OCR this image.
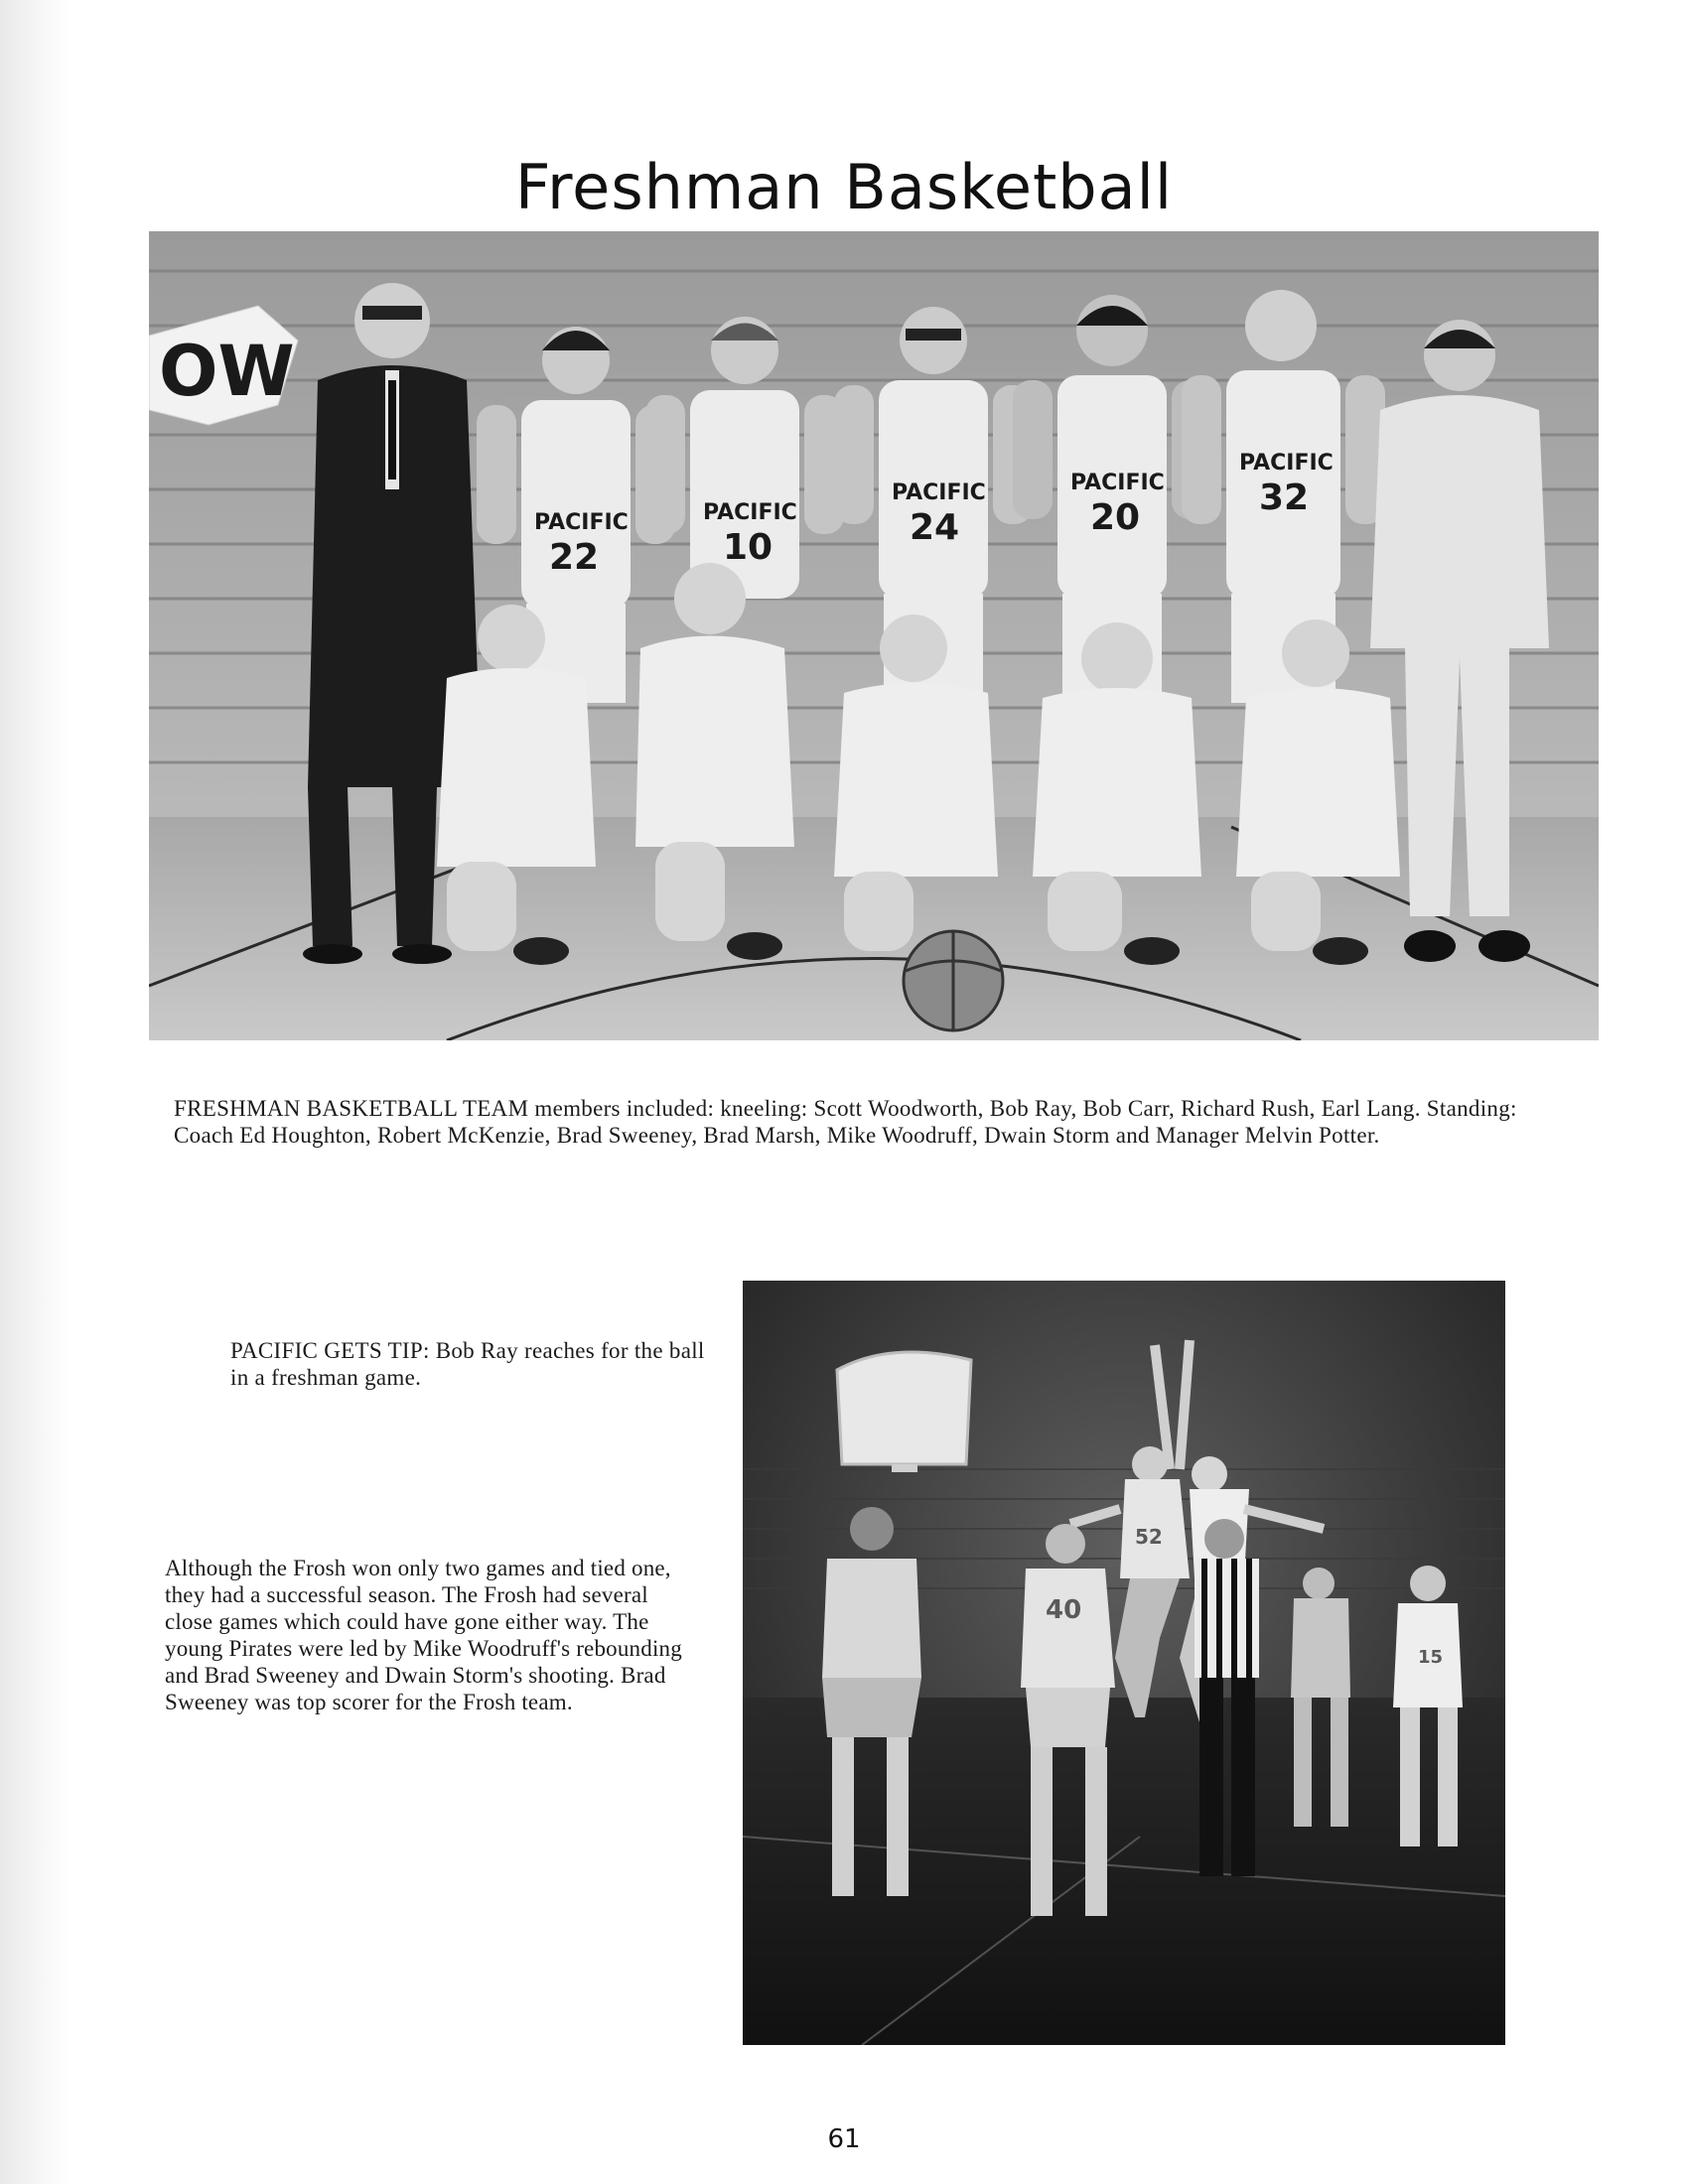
Freshman Basketball
OW
PACIFIC
22
PACIFIC
10
PACIFIC
24
PACIFIC
20
PACIFIC
32

FRESHMAN BASKETBALL TEAM members included: kneeling: Scott Woodworth, Bob Ray, Bob Carr, Richard Rush, Earl Lang. Standing: Coach Ed Houghton, Robert McKenzie, Brad Sweeney, Brad Marsh, Mike Woodruff, Dwain Storm and Manager Melvin Potter.

PACIFIC GETS TIP: Bob Ray reaches for the ball in a freshman game.

Although the Frosh won only two games and tied one, they had a successful season. The Frosh had several close games which could have gone either way. The young Pirates were led by Mike Woodruff's rebounding and Brad Sweeney and Dwain Storm's shooting. Brad Sweeney was top scorer for the Frosh team.

52
40
15
61
